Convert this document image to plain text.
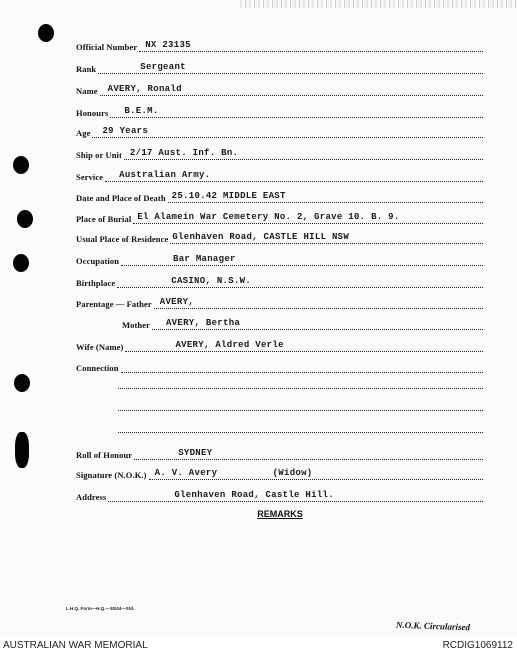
Official Number NX 23135
Rank	Sergeant
Name AVERY, Ronald
Honours B.E.M.
Age 29 Years
Ship or Unit 2/17 Aust. Inf. Bn.
Service Australian Army.
Date and Place of Death 25.10.42 MIDDLE EAST
Place of Burial El Alamein War Cemetery No. 2, Grave 10. B. 9.
Usual Place of Residence Glenhaven Road, CASTLE HILL NSW
Occupation	Bar Manager
Birthplace	CASINO, N.S.W.
Parentage — Father AVERY,
Mother AVERY, Bertha
Wife (Name)	AVERY, Aldred Verle
Connection
Roll of Honour	SYDNEY
Signature (N.O.K.) A. V. Avery	(Widow)
Address	Glenhaven Road, Castle Hill.
REMARKS
L.H.Q. Form—H.Q.—30/44—Std.
N.O.K. Circularised
AUSTRALIAN WAR MEMORIAL	RCDIG1069112
